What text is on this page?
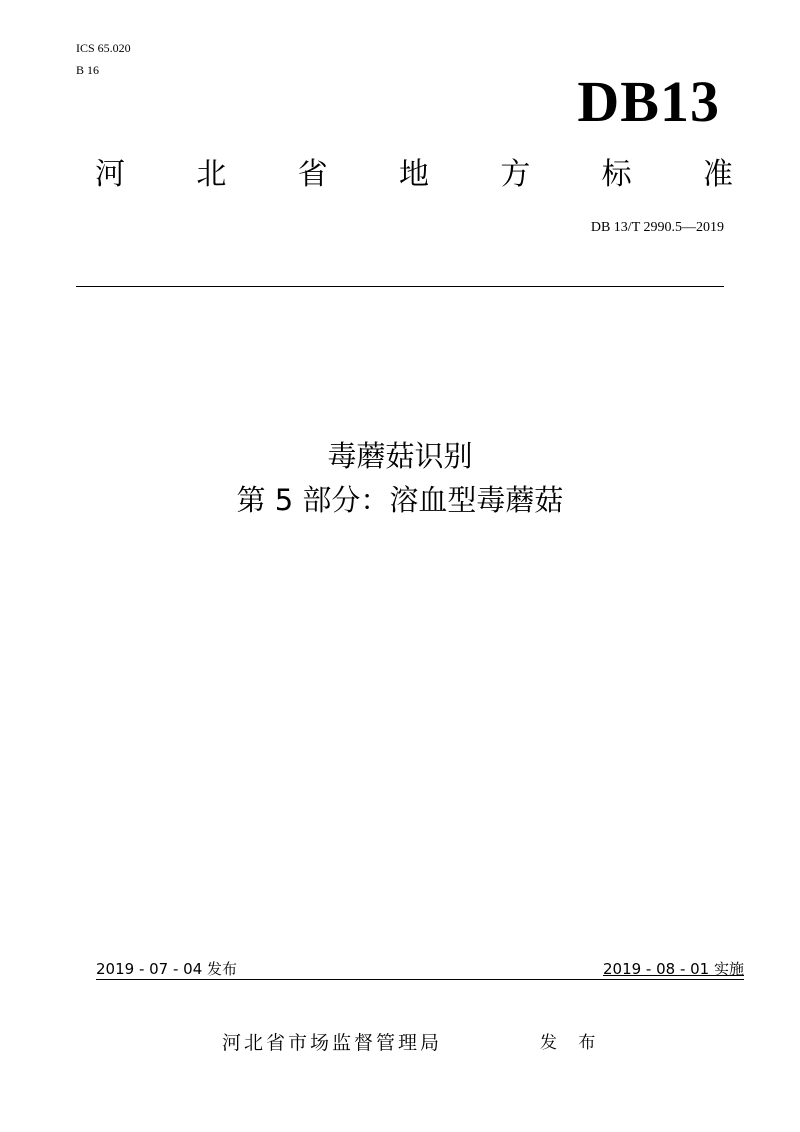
ICS 65.020
B 16	DB13
河 北 省 地 方 标 准
DB 13/T 2990.5—2019
毒蘑菇识别
第 5 部分：溶血型毒蘑菇
2019 - 07 - 04 发布	2019 - 08 - 01 实施
河北省市场监督管理局	发 布
